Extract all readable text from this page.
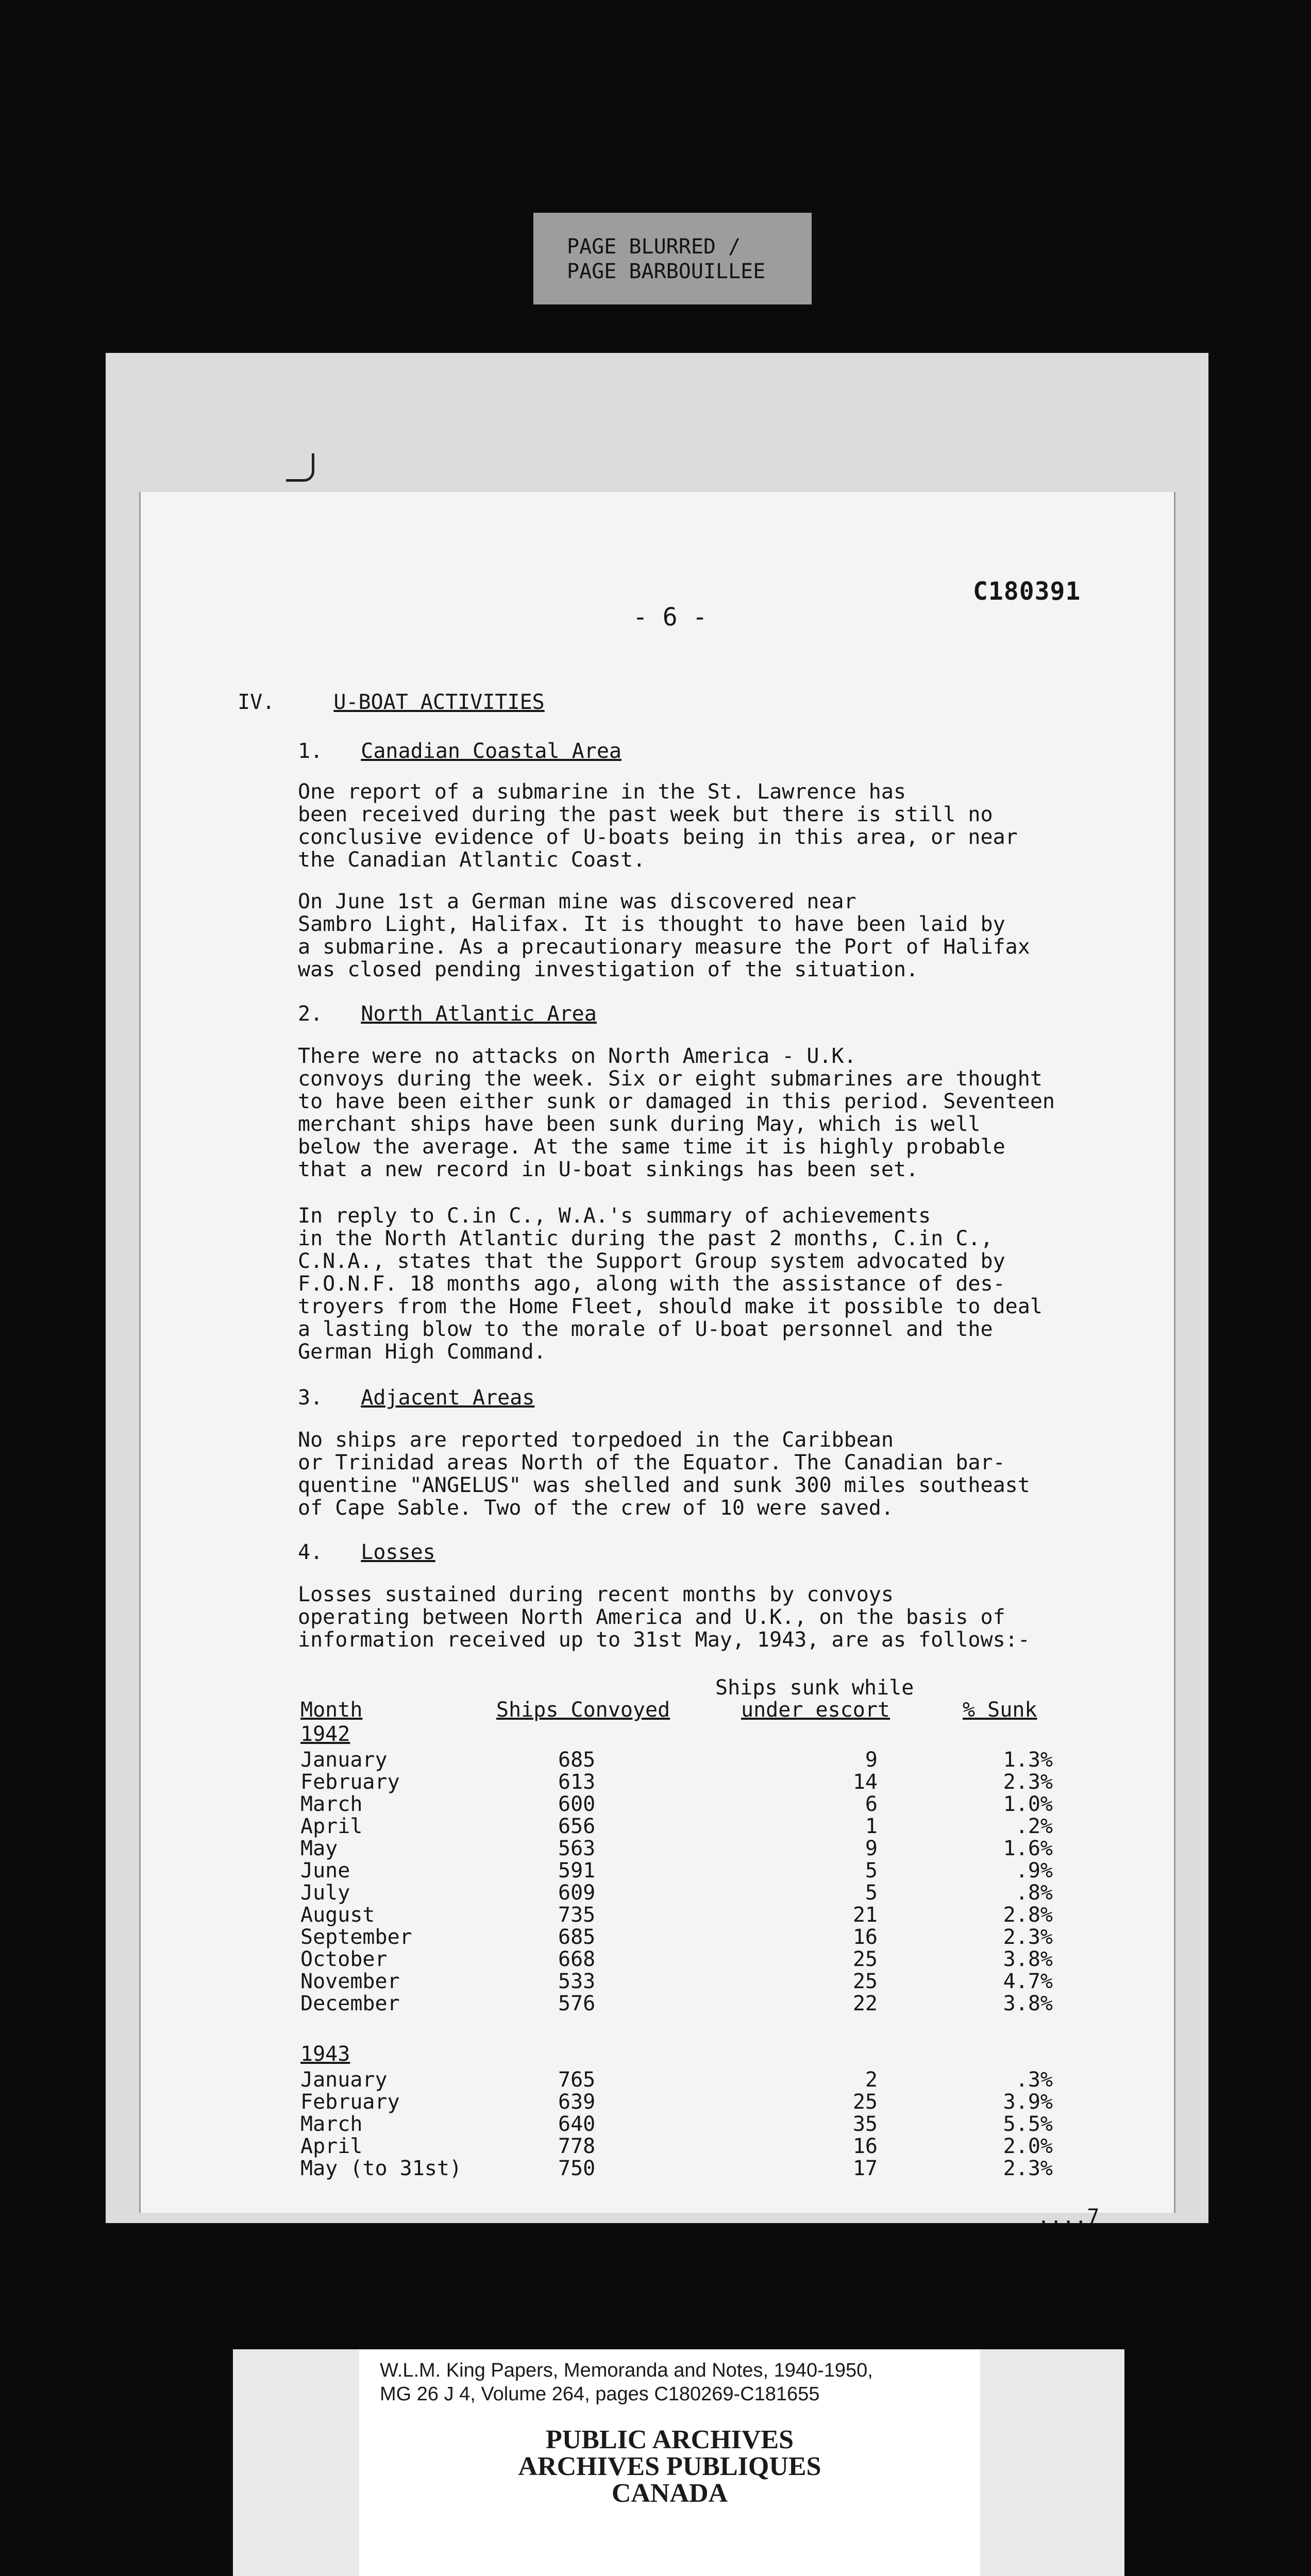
PAGE BLURRED /
PAGE BARBOUILLEE
- 6 -
C180391
IV.	U-BOAT ACTIVITIES
1. Canadian Coastal Area
One report of a submarine in the St. Lawrence has
been received during the past week but there is still no
conclusive evidence of U-boats being in this area, or near
the Canadian Atlantic Coast.
On June 1st a German mine was discovered near
Sambro Light, Halifax. It is thought to have been laid by
a submarine. As a precautionary measure the Port of Halifax
was closed pending investigation of the situation.
2. North Atlantic Area
There were no attacks on North America - U.K.
convoys during the week. Six or eight submarines are thought
to have been either sunk or damaged in this period. Seventeen
merchant ships have been sunk during May, which is well
below the average. At the same time it is highly probable
that a new record in U-boat sinkings has been set.
In reply to C.in C., W.A.'s summary of achievements
in the North Atlantic during the past 2 months, C.in C.,
C.N.A., states that the Support Group system advocated by
F.O.N.F. 18 months ago, along with the assistance of des-
troyers from the Home Fleet, should make it possible to deal
a lasting blow to the morale of U-boat personnel and the
German High Command.
3. Adjacent Areas
No ships are reported torpedoed in the Caribbean
or Trinidad areas North of the Equator. The Canadian bar-
quentine "ANGELUS" was shelled and sunk 300 miles southeast
of Cape Sable. Two of the crew of 10 were saved.
4. Losses
Losses sustained during recent months by convoys
operating between North America and U.K., on the basis of
information received up to 31st May, 1943, are as follows:-
Month	Ships Convoyed
Ships sunk while
under escort	% Sunk
1942
January	685	9	1.3%
February	613	14	2.3%
March	600	6	1.0%
April	656	1	.2%
May	563	9	1.6%
June	591	5	.9%
July	609	5	.8%
August	735	21	2.8%
September	685	16	2.3%
October	668	25	3.8%
November	533	25	4.7%
December	576	22	3.8%
1943
January	765	2	.3%
February	639	25	3.9%
March	640	35	5.5%
April	778	16	2.0%
May (to 31st)	750	17	2.3%
....7
W.L.M. King Papers, Memoranda and Notes, 1940-1950,
MG 26 J 4, Volume 264, pages C180269-C181655
PUBLIC ARCHIVES
ARCHIVES PUBLIQUES
CANADA
